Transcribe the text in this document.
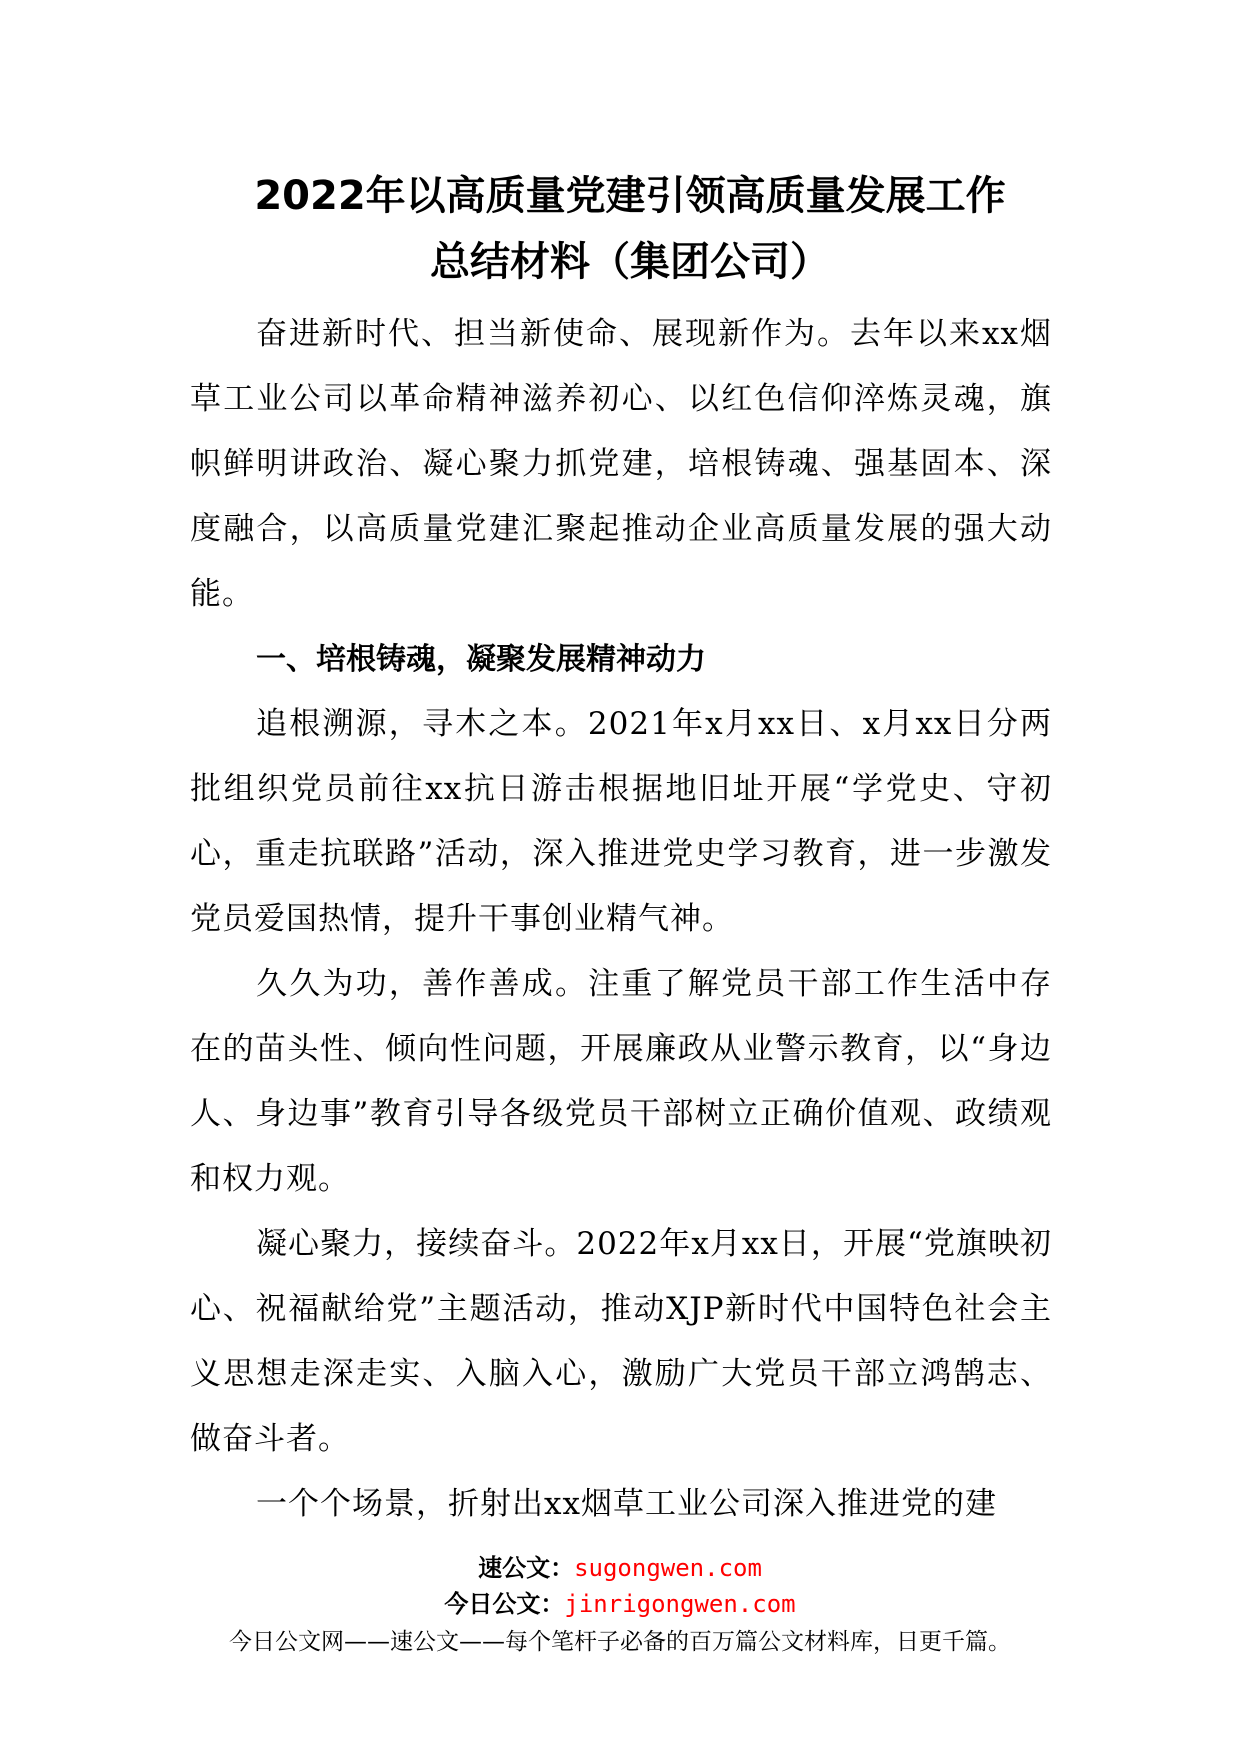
2022年以高质量党建引领高质量发展工作
总结材料（集团公司）

奋进新时代、担当新使命、展现新作为。去年以来xx烟草工业公司以革命精神滋养初心、以红色信仰淬炼灵魂，旗帜鲜明讲政治、凝心聚力抓党建，培根铸魂、强基固本、深度融合，以高质量党建汇聚起推动企业高质量发展的强大动能。

一、培根铸魂，凝聚发展精神动力

追根溯源，寻木之本。2021年x月xx日、x月xx日分两批组织党员前往xx抗日游击根据地旧址开展“学党史、守初心，重走抗联路”活动，深入推进党史学习教育，进一步激发党员爱国热情，提升干事创业精气神。

久久为功，善作善成。注重了解党员干部工作生活中存在的苗头性、倾向性问题，开展廉政从业警示教育，以“身边人、身边事”教育引导各级党员干部树立正确价值观、政绩观和权力观。

凝心聚力，接续奋斗。2022年x月xx日，开展“党旗映初心、祝福献给党”主题活动，推动XJP新时代中国特色社会主义思想走深走实、入脑入心，激励广大党员干部立鸿鹄志、做奋斗者。

一个个场景，折射出xx烟草工业公司深入推进党的建

速公文：sugongwen.com
今日公文：jinrigongwen.com
今日公文网——速公文——每个笔杆子必备的百万篇公文材料库，日更千篇。
